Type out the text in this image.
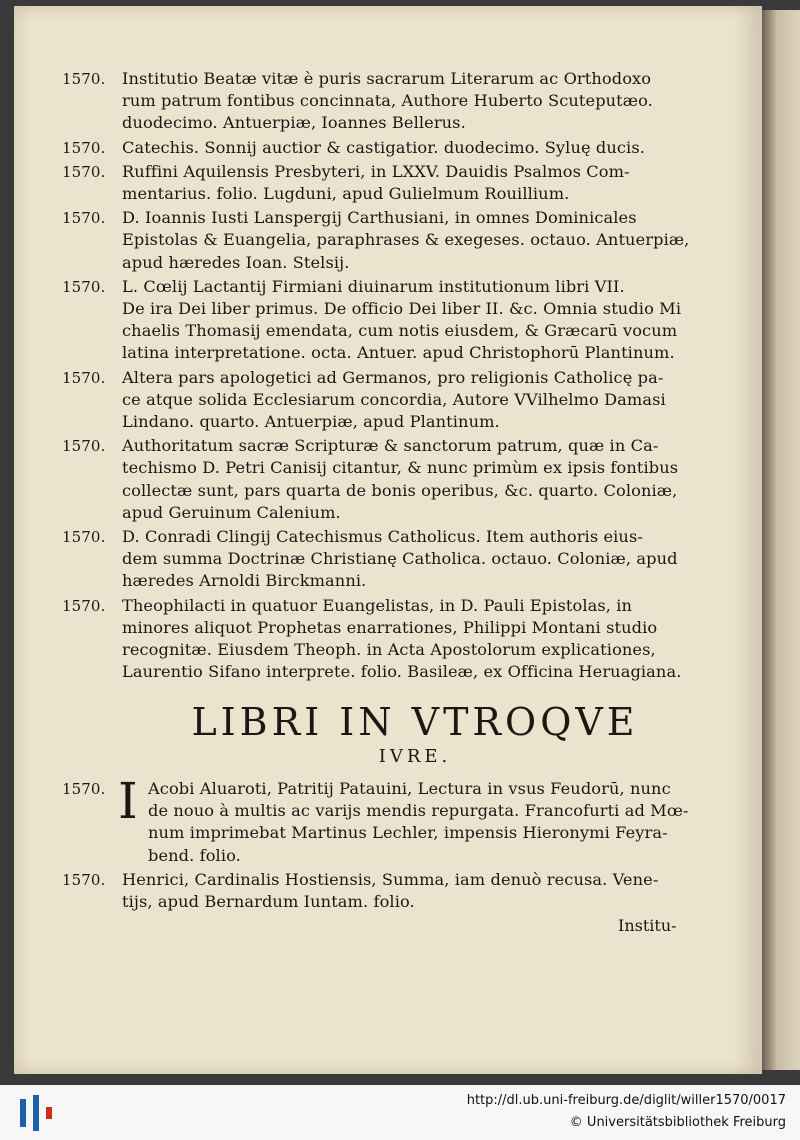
1570. Institutio Beatæ vitæ è puris sacrarum Literarum ac Orthodoxo
rum patrum fontibus concinnata, Authore Huberto Scuteputæo.
duodecimo. Antuerpiæ, Ioannes Bellerus.
1570. Catechis. Sonnij auctior & castigatior. duodecimo. Syluę ducis.
1570. Ruffini Aquilensis Presbyteri, in LXXV. Dauidis Psalmos Com-
mentarius. folio. Lugduni, apud Gulielmum Rouillium.
1570. D. Ioannis Iusti Lanspergij Carthusiani, in omnes Dominicales
Epistolas & Euangelia, paraphrases & exegeses. octauo. Antuerpiæ,
apud hæredes Ioan. Stelsij.
1570. L. Cœlij Lactantij Firmiani diuinarum institutionum libri VII.
De ira Dei liber primus. De officio Dei liber II. &c. Omnia studio Mi
chaelis Thomasij emendata, cum notis eiusdem, & Græcarū vocum
latina interpretatione. octa. Antuer. apud Christophorū Plantinum.
1570. Altera pars apologetici ad Germanos, pro religionis Catholicę pa-
ce atque solida Ecclesiarum concordia, Autore VVilhelmo Damasi
Lindano. quarto. Antuerpiæ, apud Plantinum.
1570. Authoritatum sacræ Scripturæ & sanctorum patrum, quæ in Ca-
techismo D. Petri Canisij citantur, & nunc primùm ex ipsis fontibus
collectæ sunt, pars quarta de bonis operibus, &c. quarto. Coloniæ,
apud Geruinum Calenium.
1570. D. Conradi Clingij Catechismus Catholicus. Item authoris eius-
dem summa Doctrinæ Christianę Catholica. octauo. Coloniæ, apud
hæredes Arnoldi Birckmanni.
1570. Theophilacti in quatuor Euangelistas, in D. Pauli Epistolas, in
minores aliquot Prophetas enarrationes, Philippi Montani studio
recognitæ. Eiusdem Theoph. in Acta Apostolorum explicationes,
Laurentio Sifano interprete. folio. Basileæ, ex Officina Heruagiana.
LIBRI IN VTROQVE
IVRE.
1570. I Acobi Aluaroti, Patritij Patauini, Lectura in vsus Feudorū, nunc
de nouo à multis ac varijs mendis repurgata. Francofurti ad Mœ-
num imprimebat Martinus Lechler, impensis Hieronymi Feyra-
bend. folio.
1570. Henrici, Cardinalis Hostiensis, Summa, iam denuò recusa. Vene-
tijs, apud Bernardum Iuntam. folio.
Institu-
http://dl.ub.uni-freiburg.de/diglit/willer1570/0017
© Universitätsbibliothek Freiburg
